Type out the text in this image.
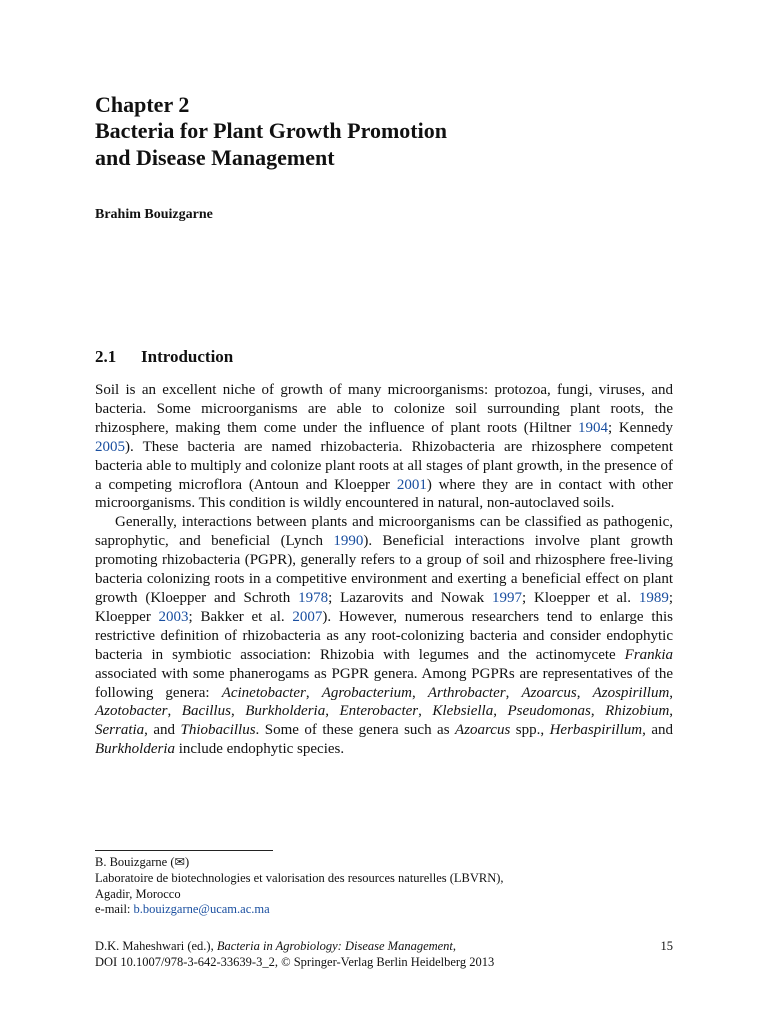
Chapter 2
Bacteria for Plant Growth Promotion
and Disease Management
Brahim Bouizgarne
2.1 Introduction

Soil is an excellent niche of growth of many microorganisms: protozoa, fungi, viruses, and bacteria. Some microorganisms are able to colonize soil surrounding plant roots, the rhizosphere, making them come under the influence of plant roots (Hiltner 1904; Kennedy 2005). These bacteria are named rhizobacteria. Rhizobacteria are rhizosphere competent bacteria able to multiply and colonize plant roots at all stages of plant growth, in the presence of a competing microflora (Antoun and Kloepper 2001) where they are in contact with other microorganisms. This condition is wildly encountered in natural, non-autoclaved soils.

Generally, interactions between plants and microorganisms can be classified as pathogenic, saprophytic, and beneficial (Lynch 1990). Beneficial interactions involve plant growth promoting rhizobacteria (PGPR), generally refers to a group of soil and rhizosphere free-living bacteria colonizing roots in a competitive environment and exerting a beneficial effect on plant growth (Kloepper and Schroth 1978; Lazarovits and Nowak 1997; Kloepper et al. 1989; Kloepper 2003; Bakker et al. 2007). However, numerous researchers tend to enlarge this restrictive definition of rhizobacteria as any root-colonizing bacteria and consider endophytic bacteria in symbiotic association: Rhizobia with legumes and the actinomycete Frankia associated with some phanerogams as PGPR genera. Among PGPRs are representatives of the following genera: Acinetobacter, Agrobacterium, Arthrobacter, Azoarcus, Azospirillum, Azotobacter, Bacillus, Burkholderia, Enterobacter, Klebsiella, Pseudomonas, Rhizobium, Serratia, and Thiobacillus. Some of these genera such as Azoarcus spp., Herbaspirillum, and Burkholderia include endophytic species.

B. Bouizgarne (✉)
Laboratoire de biotechnologies et valorisation des resources naturelles (LBVRN),
Agadir, Morocco
e-mail: b.bouizgarne@ucam.ac.ma
D.K. Maheshwari (ed.), Bacteria in Agrobiology: Disease Management,
DOI 10.1007/978-3-642-33639-3_2, © Springer-Verlag Berlin Heidelberg 2013
15
